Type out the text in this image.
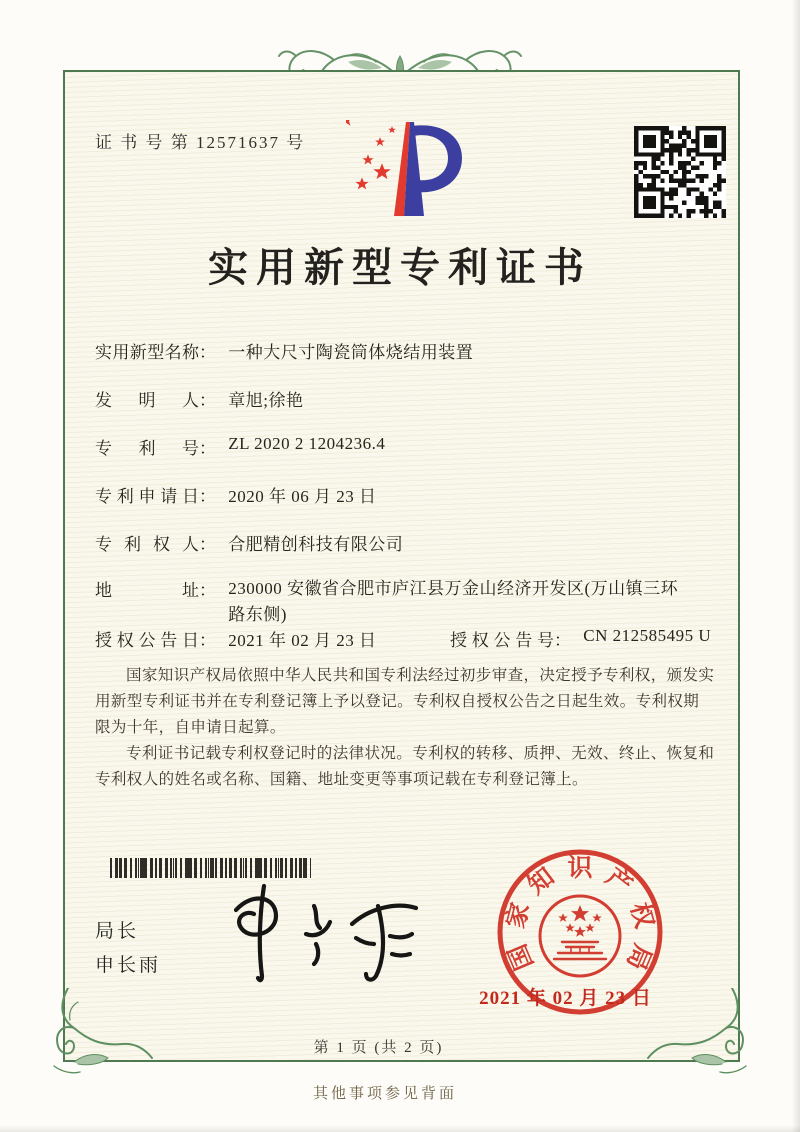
证 书 号 第 12571637 号
实用新型专利证书
实用新型名称： 一种大尺寸陶瓷筒体烧结用装置
发明人： 章旭;徐艳
专利号： ZL 2020 2 1204236.4
专利申请日： 2020 年 06 月 23 日
专利权人： 合肥精创科技有限公司
地址： 230000 安徽省合肥市庐江县万金山经济开发区(万山镇三环路东侧)
授权公告日： 2021 年 02 月 23 日	授权公告号： CN 212585495 U

国家知识产权局依照中华人民共和国专利法经过初步审查，决定授予专利权，颁发实用新型专利证书并在专利登记簿上予以登记。专利权自授权公告之日起生效。专利权期限为十年，自申请日起算。

专利证书记载专利权登记时的法律状况。专利权的转移、质押、无效、终止、恢复和专利权人的姓名或名称、国籍、地址变更等事项记载在专利登记簿上。

局长
申长雨	国
家
知 识 产
权
局
2021 年 02 月 23 日
第 1 页 (共 2 页)
其他事项参见背面
